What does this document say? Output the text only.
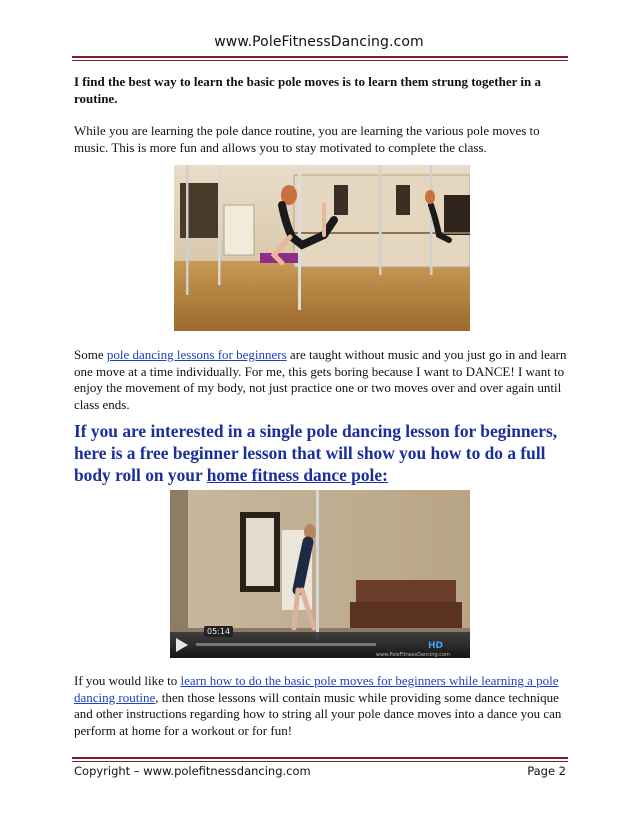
www.PoleFitnessDancing.com
I find the best way to learn the basic pole moves is to learn them strung together in a routine.
While you are learning the pole dance routine, you are learning the various pole moves to music. This is more fun and allows you to stay motivated to complete the class.
Some pole dancing lessons for beginners are taught without music and you just go in and learn one move at a time individually. For me, this gets boring because I want to DANCE! I want to enjoy the movement of my body, not just practice one or two moves over and over again until class ends.
If you are interested in a single pole dancing lesson for beginners, here is a free beginner lesson that will show you how to do a full body roll on your home fitness dance pole:
05:14
HD
www.PoleFitnessDancing.com
If you would like to learn how to do the basic pole moves for beginners while learning a pole dancing routine, then those lessons will contain music while providing some dance technique and other instructions regarding how to string all your pole dance moves into a dance you can perform at home for a workout or for fun!
Copyright – www.polefitnessdancing.com	Page 2
